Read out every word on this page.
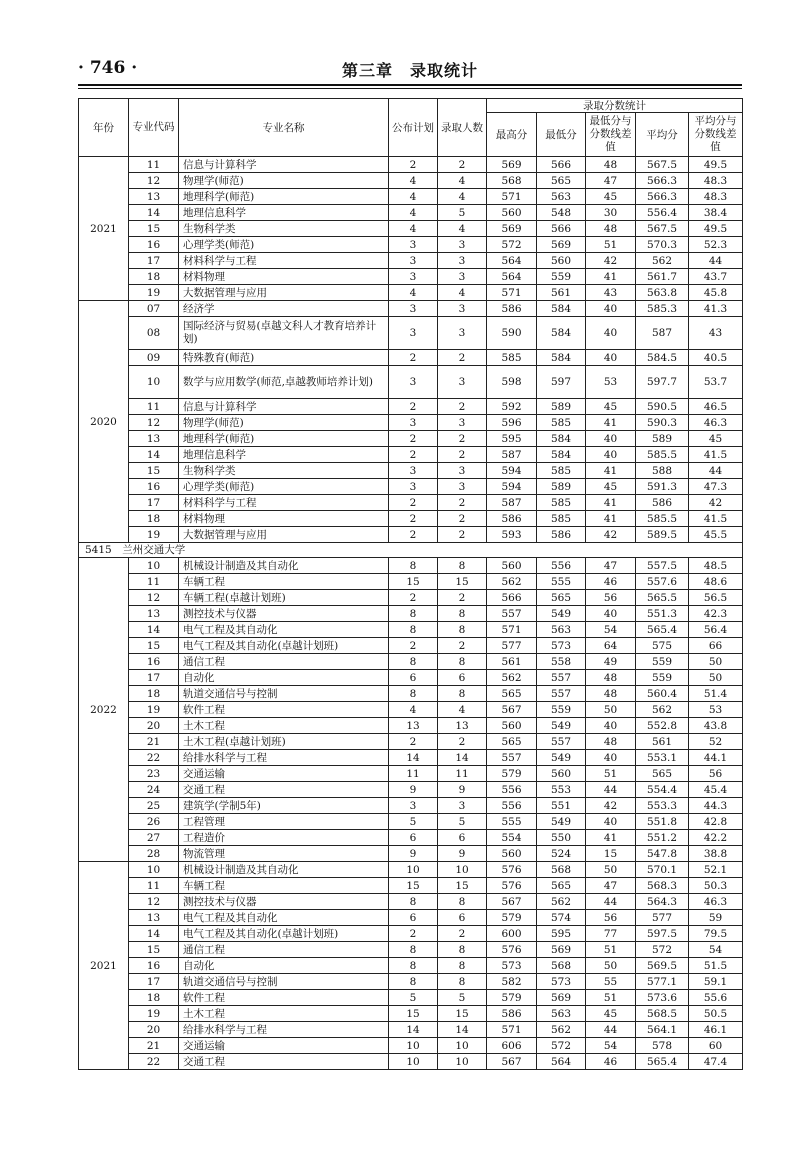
· 746 ·	第三章　录取统计
年份	专业代码	专业名称	公布计划	录取人数	录取分数统计				
					最高分	最低分	最低分与分数线差值	平均分	平均分与分数线差值
2021	11	信息与计算科学	2	2	569	566	48	567.5	49.5
	12	物理学(师范)	4	4	568	565	47	566.3	48.3
	13	地理科学(师范)	4	4	571	563	45	566.3	48.3
	14	地理信息科学	4	5	560	548	30	556.4	38.4
	15	生物科学类	4	4	569	566	48	567.5	49.5
	16	心理学类(师范)	3	3	572	569	51	570.3	52.3
	17	材料科学与工程	3	3	564	560	42	562	44
	18	材料物理	3	3	564	559	41	561.7	43.7
	19	大数据管理与应用	4	4	571	561	43	563.8	45.8
2020	07	经济学	3	3	586	584	40	585.3	41.3
	08	国际经济与贸易(卓越文科人才教育培养计划)	3	3	590	584	40	587	43
	09	特殊教育(师范)	2	2	585	584	40	584.5	40.5
	10	数学与应用数学(师范,卓越教师培养计划)	3	3	598	597	53	597.7	53.7
	11	信息与计算科学	2	2	592	589	45	590.5	46.5
	12	物理学(师范)	3	3	596	585	41	590.3	46.3
	13	地理科学(师范)	2	2	595	584	40	589	45
	14	地理信息科学	2	2	587	584	40	585.5	41.5
	15	生物科学类	3	3	594	585	41	588	44
	16	心理学类(师范)	3	3	594	589	45	591.3	47.3
	17	材料科学与工程	2	2	587	585	41	586	42
	18	材料物理	2	2	586	585	41	585.5	41.5
	19	大数据管理与应用	2	2	593	586	42	589.5	45.5
5415　兰州交通大学									
2022	10	机械设计制造及其自动化	8	8	560	556	47	557.5	48.5
	11	车辆工程	15	15	562	555	46	557.6	48.6
	12	车辆工程(卓越计划班)	2	2	566	565	56	565.5	56.5
	13	测控技术与仪器	8	8	557	549	40	551.3	42.3
	14	电气工程及其自动化	8	8	571	563	54	565.4	56.4
	15	电气工程及其自动化(卓越计划班)	2	2	577	573	64	575	66
	16	通信工程	8	8	561	558	49	559	50
	17	自动化	6	6	562	557	48	559	50
	18	轨道交通信号与控制	8	8	565	557	48	560.4	51.4
	19	软件工程	4	4	567	559	50	562	53
	20	土木工程	13	13	560	549	40	552.8	43.8
	21	土木工程(卓越计划班)	2	2	565	557	48	561	52
	22	给排水科学与工程	14	14	557	549	40	553.1	44.1
	23	交通运输	11	11	579	560	51	565	56
	24	交通工程	9	9	556	553	44	554.4	45.4
	25	建筑学(学制5年)	3	3	556	551	42	553.3	44.3
	26	工程管理	5	5	555	549	40	551.8	42.8
	27	工程造价	6	6	554	550	41	551.2	42.2
	28	物流管理	9	9	560	524	15	547.8	38.8
2021	10	机械设计制造及其自动化	10	10	576	568	50	570.1	52.1
	11	车辆工程	15	15	576	565	47	568.3	50.3
	12	测控技术与仪器	8	8	567	562	44	564.3	46.3
	13	电气工程及其自动化	6	6	579	574	56	577	59
	14	电气工程及其自动化(卓越计划班)	2	2	600	595	77	597.5	79.5
	15	通信工程	8	8	576	569	51	572	54
	16	自动化	8	8	573	568	50	569.5	51.5
	17	轨道交通信号与控制	8	8	582	573	55	577.1	59.1
	18	软件工程	5	5	579	569	51	573.6	55.6
	19	土木工程	15	15	586	563	45	568.5	50.5
	20	给排水科学与工程	14	14	571	562	44	564.1	46.1
	21	交通运输	10	10	606	572	54	578	60
	22	交通工程	10	10	567	564	46	565.4	47.4
